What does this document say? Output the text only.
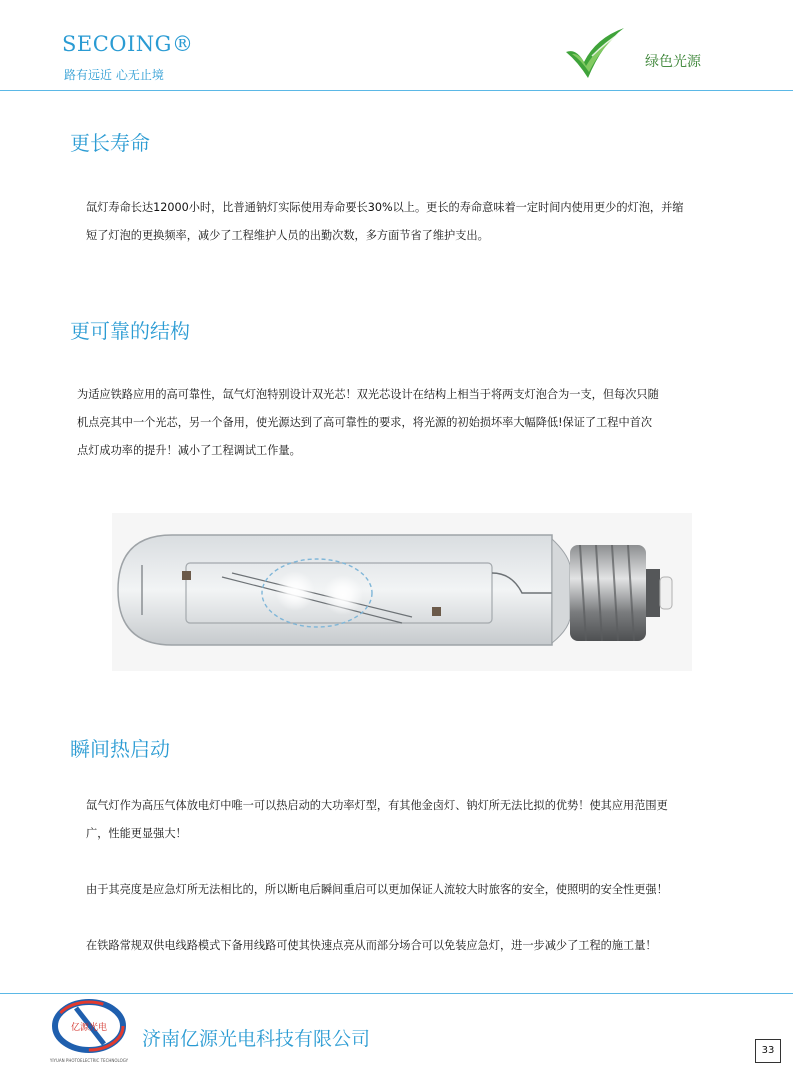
SECOING®
路有远近 心无止境
绿色光源
更长寿命
氙灯寿命长达12000小时，比普通钠灯实际使用寿命要长30%以上。更长的寿命意味着一定时间内使用更少的灯泡，并缩
短了灯泡的更换频率，减少了工程维护人员的出勤次数，多方面节省了维护支出。
更可靠的结构
为适应铁路应用的高可靠性，氙气灯泡特别设计双光芯！双光芯设计在结构上相当于将两支灯泡合为一支，但每次只随
机点亮其中一个光芯，另一个备用，使光源达到了高可靠性的要求，将光源的初始损坏率大幅降低!保证了工程中首次
点灯成功率的提升！减小了工程调试工作量。
瞬间热启动
氙气灯作为高压气体放电灯中唯一可以热启动的大功率灯型，有其他金卤灯、钠灯所无法比拟的优势！使其应用范围更
广，性能更显强大！
由于其亮度是应急灯所无法相比的，所以断电后瞬间重启可以更加保证人流较大时旅客的安全，使照明的安全性更强！
在铁路常规双供电线路模式下备用线路可使其快速点亮从而部分场合可以免装应急灯，进一步减少了工程的施工量！
亿源光电
YIYUAN PHOTOELECTRIC TECHNOLOGY
济南亿源光电科技有限公司
33
